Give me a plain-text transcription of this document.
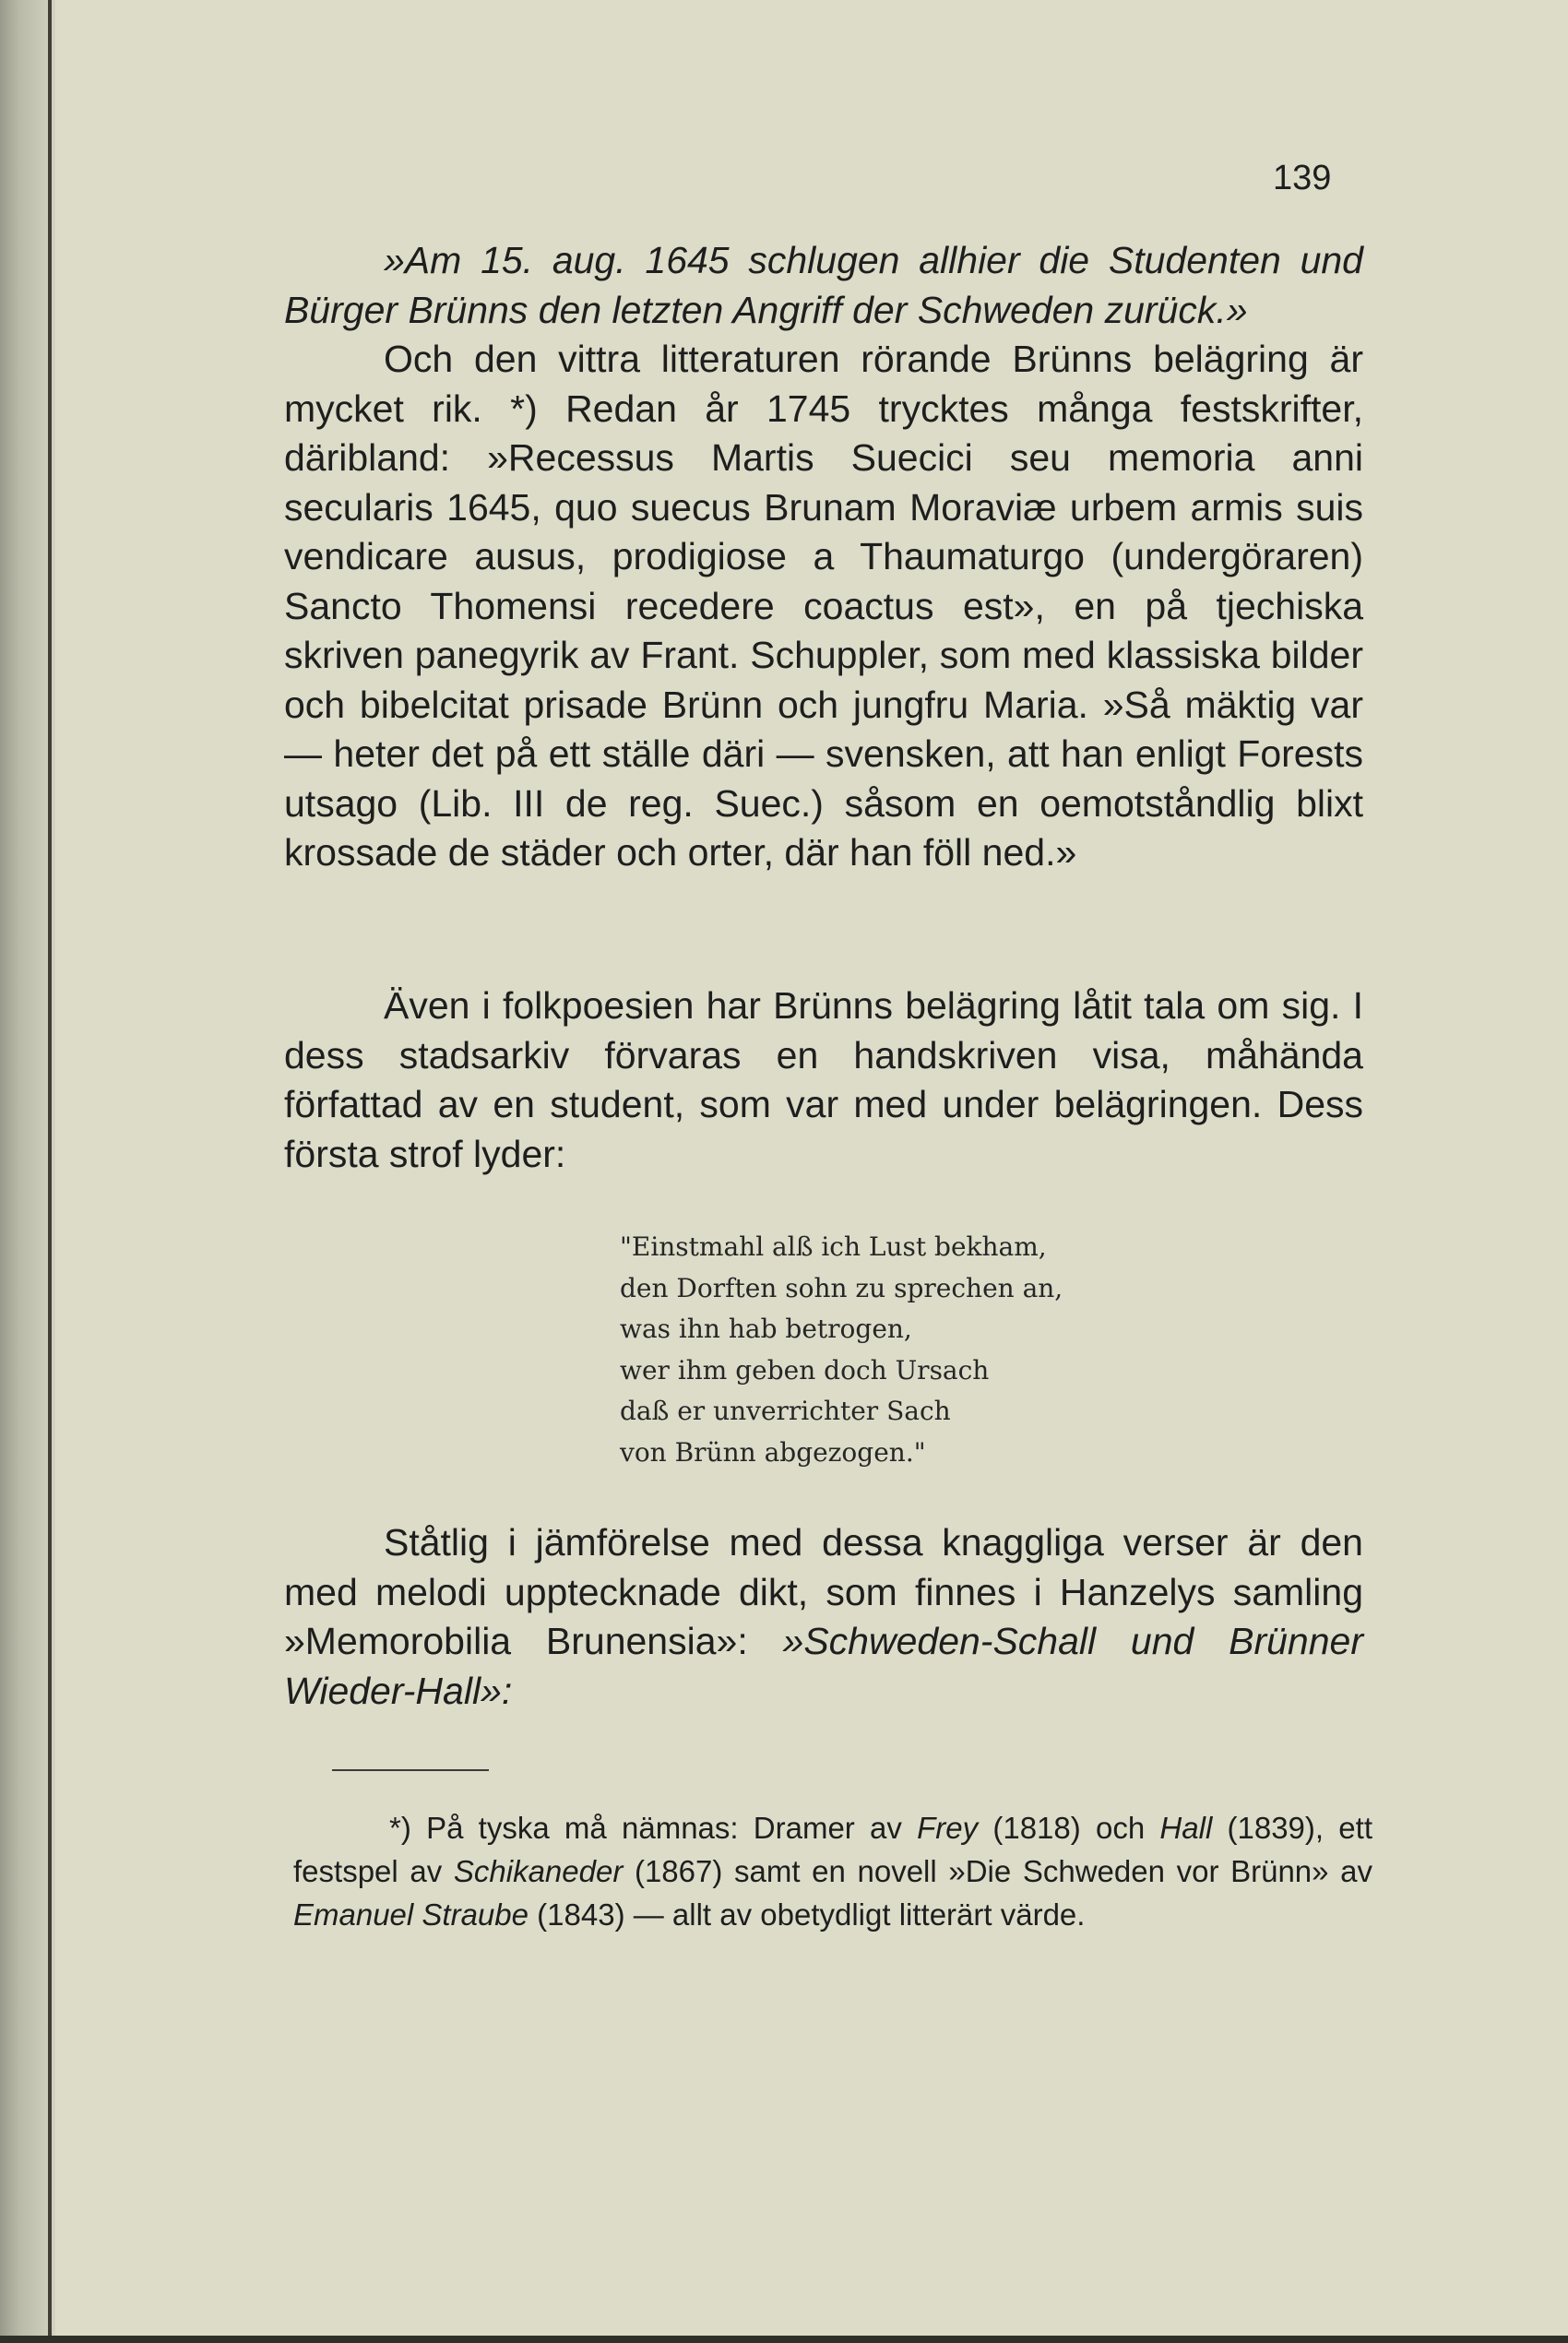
139

»Am 15. aug. 1645 schlugen allhier die Studenten und Bürger Brünns den letzten Angriff der Schweden zurück.»

Och den vittra litteraturen rörande Brünns belägring är mycket rik. *) Redan år 1745 trycktes många festskrifter, däribland: »Recessus Martis Suecici seu memoria anni secularis 1645, quo suecus Brunam Moraviæ urbem armis suis vendicare ausus, prodigiose a Thaumaturgo (undergöraren) Sancto Thomensi recedere coactus est», en på tjechiska skriven panegyrik av Frant. Schuppler, som med klassiska bilder och bibelcitat prisade Brünn och jungfru Maria. »Så mäktig var — heter det på ett ställe däri — svensken, att han enligt Forests utsago (Lib. III de reg. Suec.) såsom en oemotståndlig blixt krossade de städer och orter, där han föll ned.»

Även i folkpoesien har Brünns belägring låtit tala om sig. I dess stadsarkiv förvaras en handskriven visa, måhända författad av en student, som var med under belägringen. Dess första strof lyder:

"Einstmahl alß ich Lust bekham,
den Dorften sohn zu sprechen an,
was ihn hab betrogen,
wer ihm geben doch Ursach
daß er unverrichter Sach
von Brünn abgezogen."

Ståtlig i jämförelse med dessa knaggliga verser är den med melodi upptecknade dikt, som finnes i Hanzelys samling »Memorobilia Brunensia»: »Schweden-Schall und Brünner Wieder-Hall»:

*) På tyska må nämnas: Dramer av Frey (1818) och Hall (1839), ett festspel av Schikaneder (1867) samt en novell »Die Schweden vor Brünn» av Emanuel Straube (1843) — allt av obetydligt litterärt värde.
